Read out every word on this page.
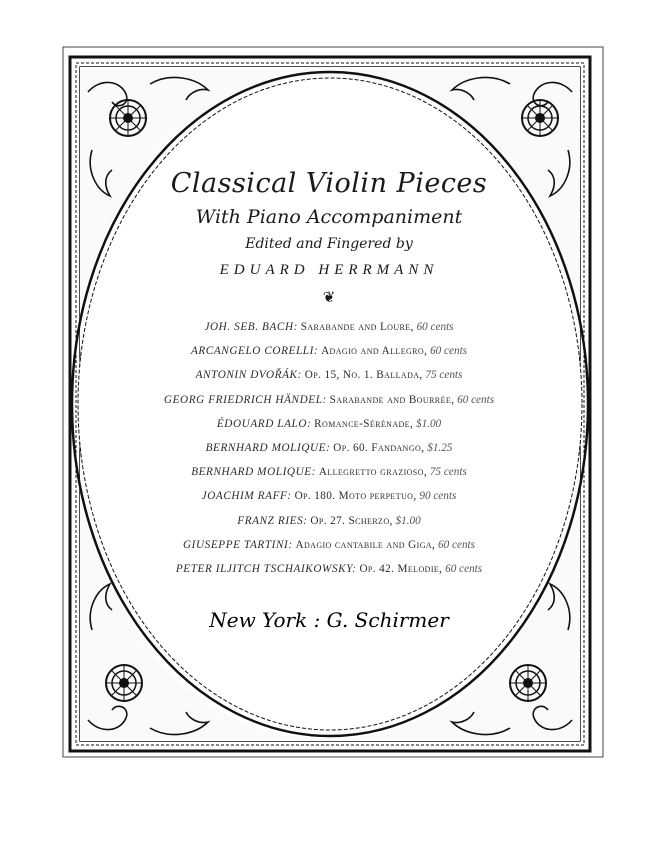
Classical Violin Pieces
With Piano Accompaniment
Edited and Fingered by
EDUARD HERRMANN
❦
JOH. SEB. BACH: Sarabande and Loure, 60 cents
ARCANGELO CORELLI: Adagio and Allegro, 60 cents
ANTONIN DVOŘÁK: Op. 15, No. 1. Ballada, 75 cents
GEORG FRIEDRICH HÄNDEL: Sarabande and Bourrée, 60 cents
ÉDOUARD LALO: Romance-Sérénade, $1.00
BERNHARD MOLIQUE: Op. 60. Fandango, $1.25
BERNHARD MOLIQUE: Allegretto grazioso, 75 cents
JOACHIM RAFF: Op. 180. Moto perpetuo, 90 cents
FRANZ RIES: Op. 27. Scherzo, $1.00
GIUSEPPE TARTINI: Adagio cantabile and Giga, 60 cents
PETER ILJITCH TSCHAIKOWSKY: Op. 42. Melodie, 60 cents
New York : G. Schirmer
